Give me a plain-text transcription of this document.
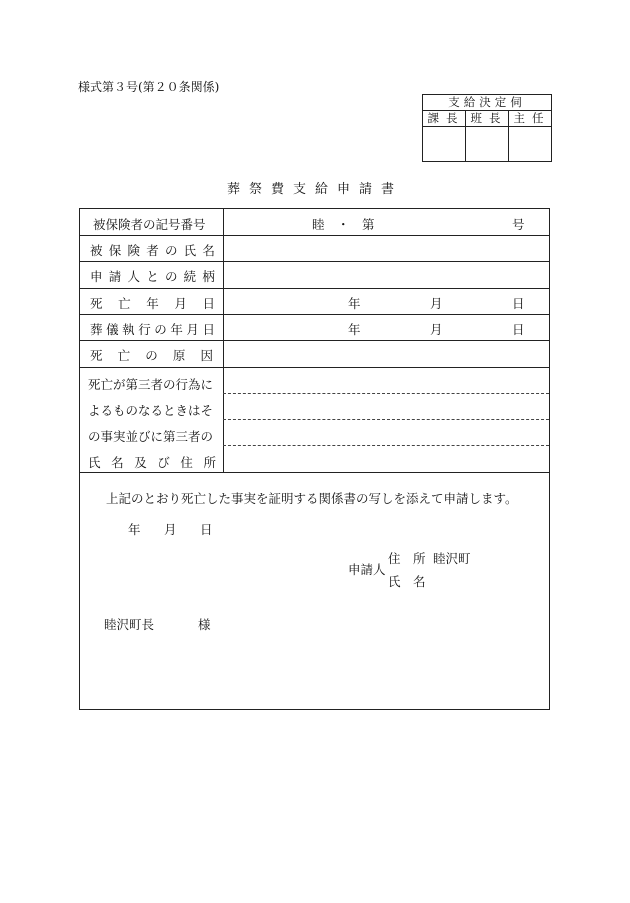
様式第３号(第２０条関係)
支給決定伺
課長 班長 主任
葬祭費支給申請書
被保険者の記号番号	睦　・　第	号
被 保 険 者 の 氏 名
申 請 人 と の 続 柄
死 亡 年 月 日	年	月	日
葬 儀 執 行 の 年 月 日	年	月	日
死 亡 の 原 因
死亡が第三者の行為に
よるものなるときはそ
の事実並びに第三者の
氏 名 及 び 住 所
上記のとおり死亡した事実を証明する関係書の写しを添えて申請します。
年 月 日
申請人
住　所 睦沢町
氏　名
睦沢町長	様
